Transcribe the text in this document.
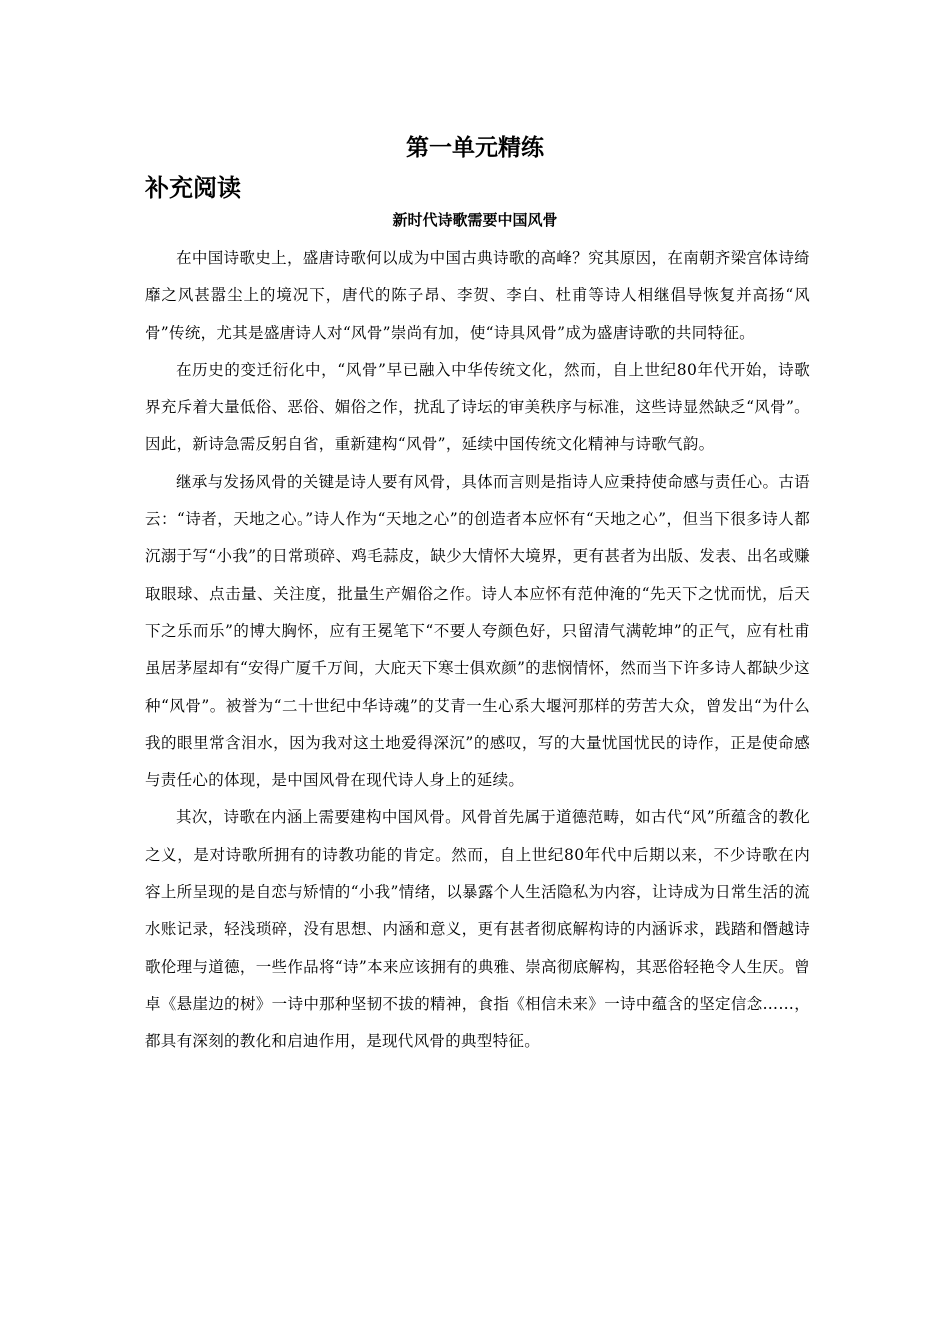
第一单元精练
补充阅读
新时代诗歌需要中国风骨

在中国诗歌史上，盛唐诗歌何以成为中国古典诗歌的高峰？究其原因，在南朝齐梁宫体诗绮靡之风甚嚣尘上的境况下，唐代的陈子昂、李贺、李白、杜甫等诗人相继倡导恢复并高扬“风骨”传统，尤其是盛唐诗人对“风骨”崇尚有加，使“诗具风骨”成为盛唐诗歌的共同特征。

在历史的变迁衍化中，“风骨”早已融入中华传统文化，然而，自上世纪80年代开始，诗歌界充斥着大量低俗、恶俗、媚俗之作，扰乱了诗坛的审美秩序与标准，这些诗显然缺乏“风骨”。因此，新诗急需反躬自省，重新建构“风骨”，延续中国传统文化精神与诗歌气韵。

继承与发扬风骨的关键是诗人要有风骨，具体而言则是指诗人应秉持使命感与责任心。古语云：“诗者，天地之心。”诗人作为“天地之心”的创造者本应怀有“天地之心”，但当下很多诗人都沉溺于写“小我”的日常琐碎、鸡毛蒜皮，缺少大情怀大境界，更有甚者为出版、发表、出名或赚取眼球、点击量、关注度，批量生产媚俗之作。诗人本应怀有范仲淹的“先天下之忧而忧，后天下之乐而乐”的博大胸怀，应有王冕笔下“不要人夸颜色好，只留清气满乾坤”的正气，应有杜甫虽居茅屋却有“安得广厦千万间，大庇天下寒士俱欢颜”的悲悯情怀，然而当下许多诗人都缺少这种“风骨”。被誉为“二十世纪中华诗魂”的艾青一生心系大堰河那样的劳苦大众，曾发出“为什么我的眼里常含泪水，因为我对这土地爱得深沉”的感叹，写的大量忧国忧民的诗作，正是使命感与责任心的体现，是中国风骨在现代诗人身上的延续。

其次，诗歌在内涵上需要建构中国风骨。风骨首先属于道德范畴，如古代“风”所蕴含的教化之义，是对诗歌所拥有的诗教功能的肯定。然而，自上世纪80年代中后期以来，不少诗歌在内容上所呈现的是自恋与矫情的“小我”情绪，以暴露个人生活隐私为内容，让诗成为日常生活的流水账记录，轻浅琐碎，没有思想、内涵和意义，更有甚者彻底解构诗的内涵诉求，践踏和僭越诗歌伦理与道德，一些作品将“诗”本来应该拥有的典雅、崇高彻底解构，其恶俗轻艳令人生厌。曾卓《悬崖边的树》一诗中那种坚韧不拔的精神，食指《相信未来》一诗中蕴含的坚定信念……，都具有深刻的教化和启迪作用，是现代风骨的典型特征。
